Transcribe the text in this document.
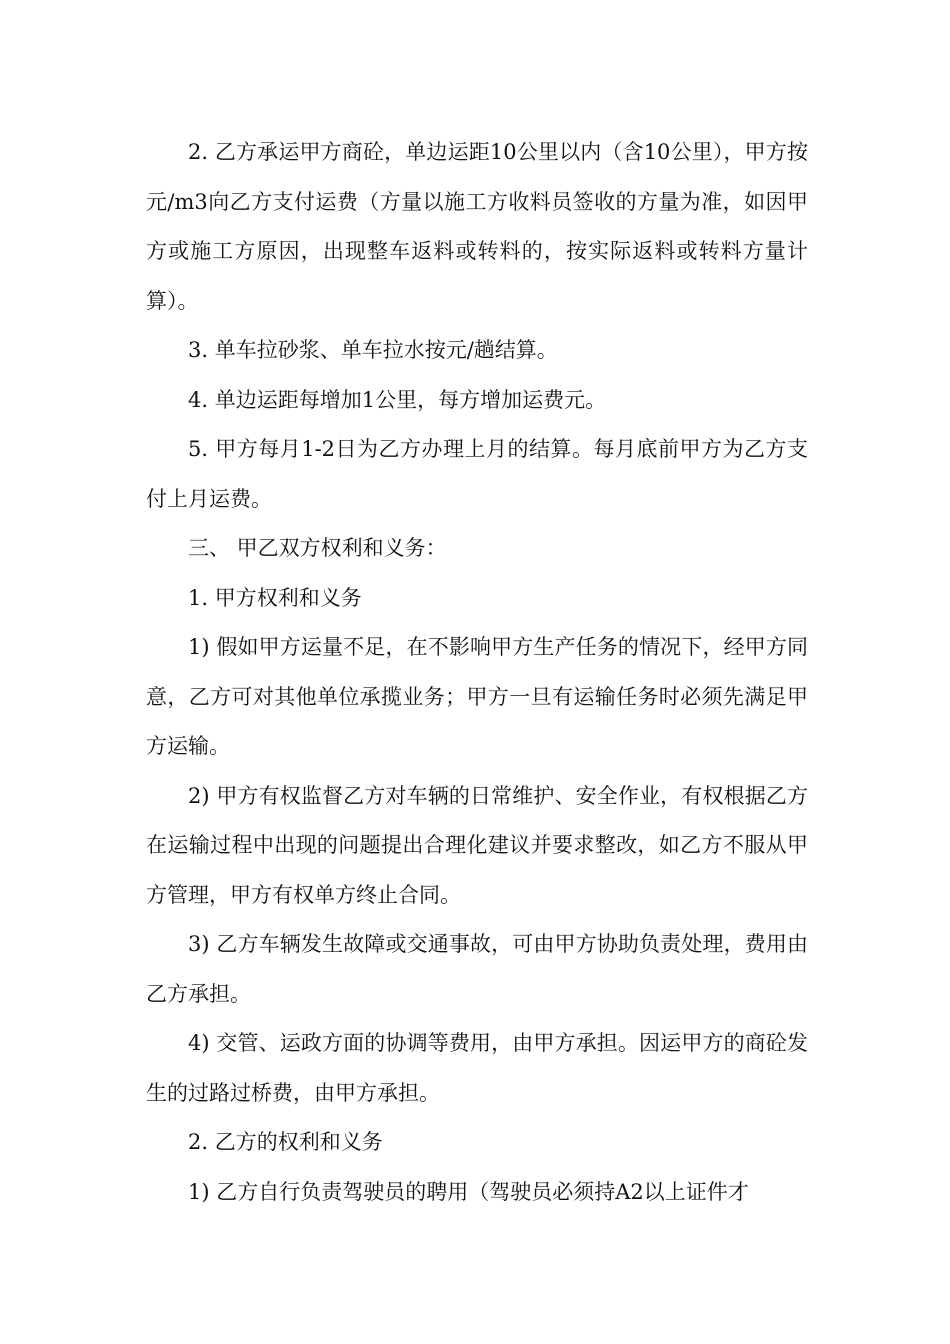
2. 乙方承运甲方商砼，单边运距10公里以内（含10公里），甲方按元/m3向乙方支付运费（方量以施工方收料员签收的方量为准，如因甲方或施工方原因，出现整车返料或转料的，按实际返料或转料方量计算）。

3. 单车拉砂浆、单车拉水按元/趟结算。

4. 单边运距每增加1公里，每方增加运费元。

5. 甲方每月1-2日为乙方办理上月的结算。每月底前甲方为乙方支付上月运费。

三、 甲乙双方权利和义务：

1. 甲方权利和义务

1) 假如甲方运量不足，在不影响甲方生产任务的情况下，经甲方同意，乙方可对其他单位承揽业务；甲方一旦有运输任务时必须先满足甲方运输。

2) 甲方有权监督乙方对车辆的日常维护、安全作业，有权根据乙方在运输过程中出现的问题提出合理化建议并要求整改，如乙方不服从甲方管理，甲方有权单方终止合同。

3) 乙方车辆发生故障或交通事故，可由甲方协助负责处理，费用由乙方承担。

4) 交管、运政方面的协调等费用，由甲方承担。因运甲方的商砼发生的过路过桥费，由甲方承担。

2. 乙方的权利和义务

1) 乙方自行负责驾驶员的聘用（驾驶员必须持A2以上证件才
